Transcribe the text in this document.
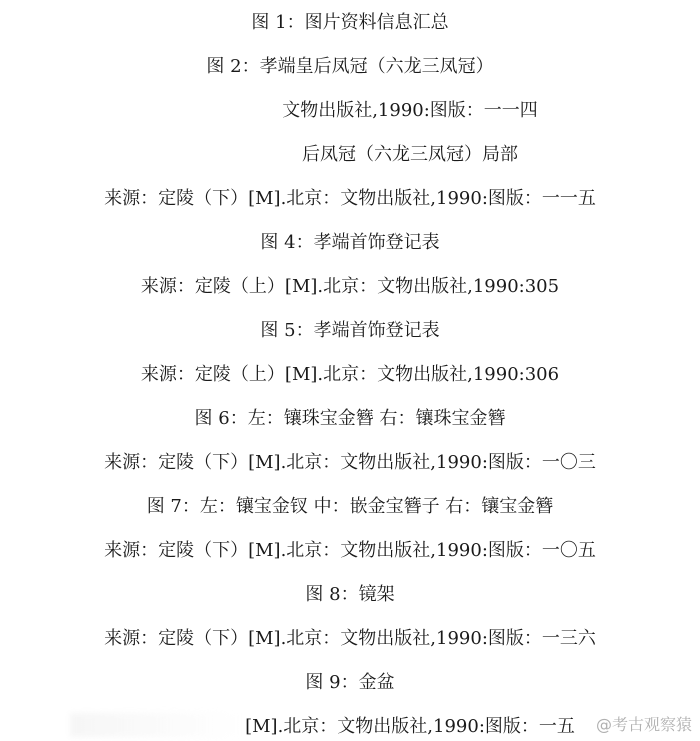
图 1：图片资料信息汇总
图 2：孝端皇后凤冠（六龙三凤冠）
文物出版社,1990:图版：一一四
后凤冠（六龙三凤冠）局部
来源：定陵（下）[M].北京：文物出版社,1990:图版：一一五
图 4：孝端首饰登记表
来源：定陵（上）[M].北京：文物出版社,1990:305
图 5：孝端首饰登记表
来源：定陵（上）[M].北京：文物出版社,1990:306
图 6：左：镶珠宝金簪 右：镶珠宝金簪
来源：定陵（下）[M].北京：文物出版社,1990:图版：一〇三
图 7：左：镶宝金钗 中：嵌金宝簪子 右：镶宝金簪
来源：定陵（下）[M].北京：文物出版社,1990:图版：一〇五
图 8：镜架
来源：定陵（下）[M].北京：文物出版社,1990:图版：一三六
图 9：金盆
[M].北京：文物出版社,1990:图版：一五	@考古观察猿
